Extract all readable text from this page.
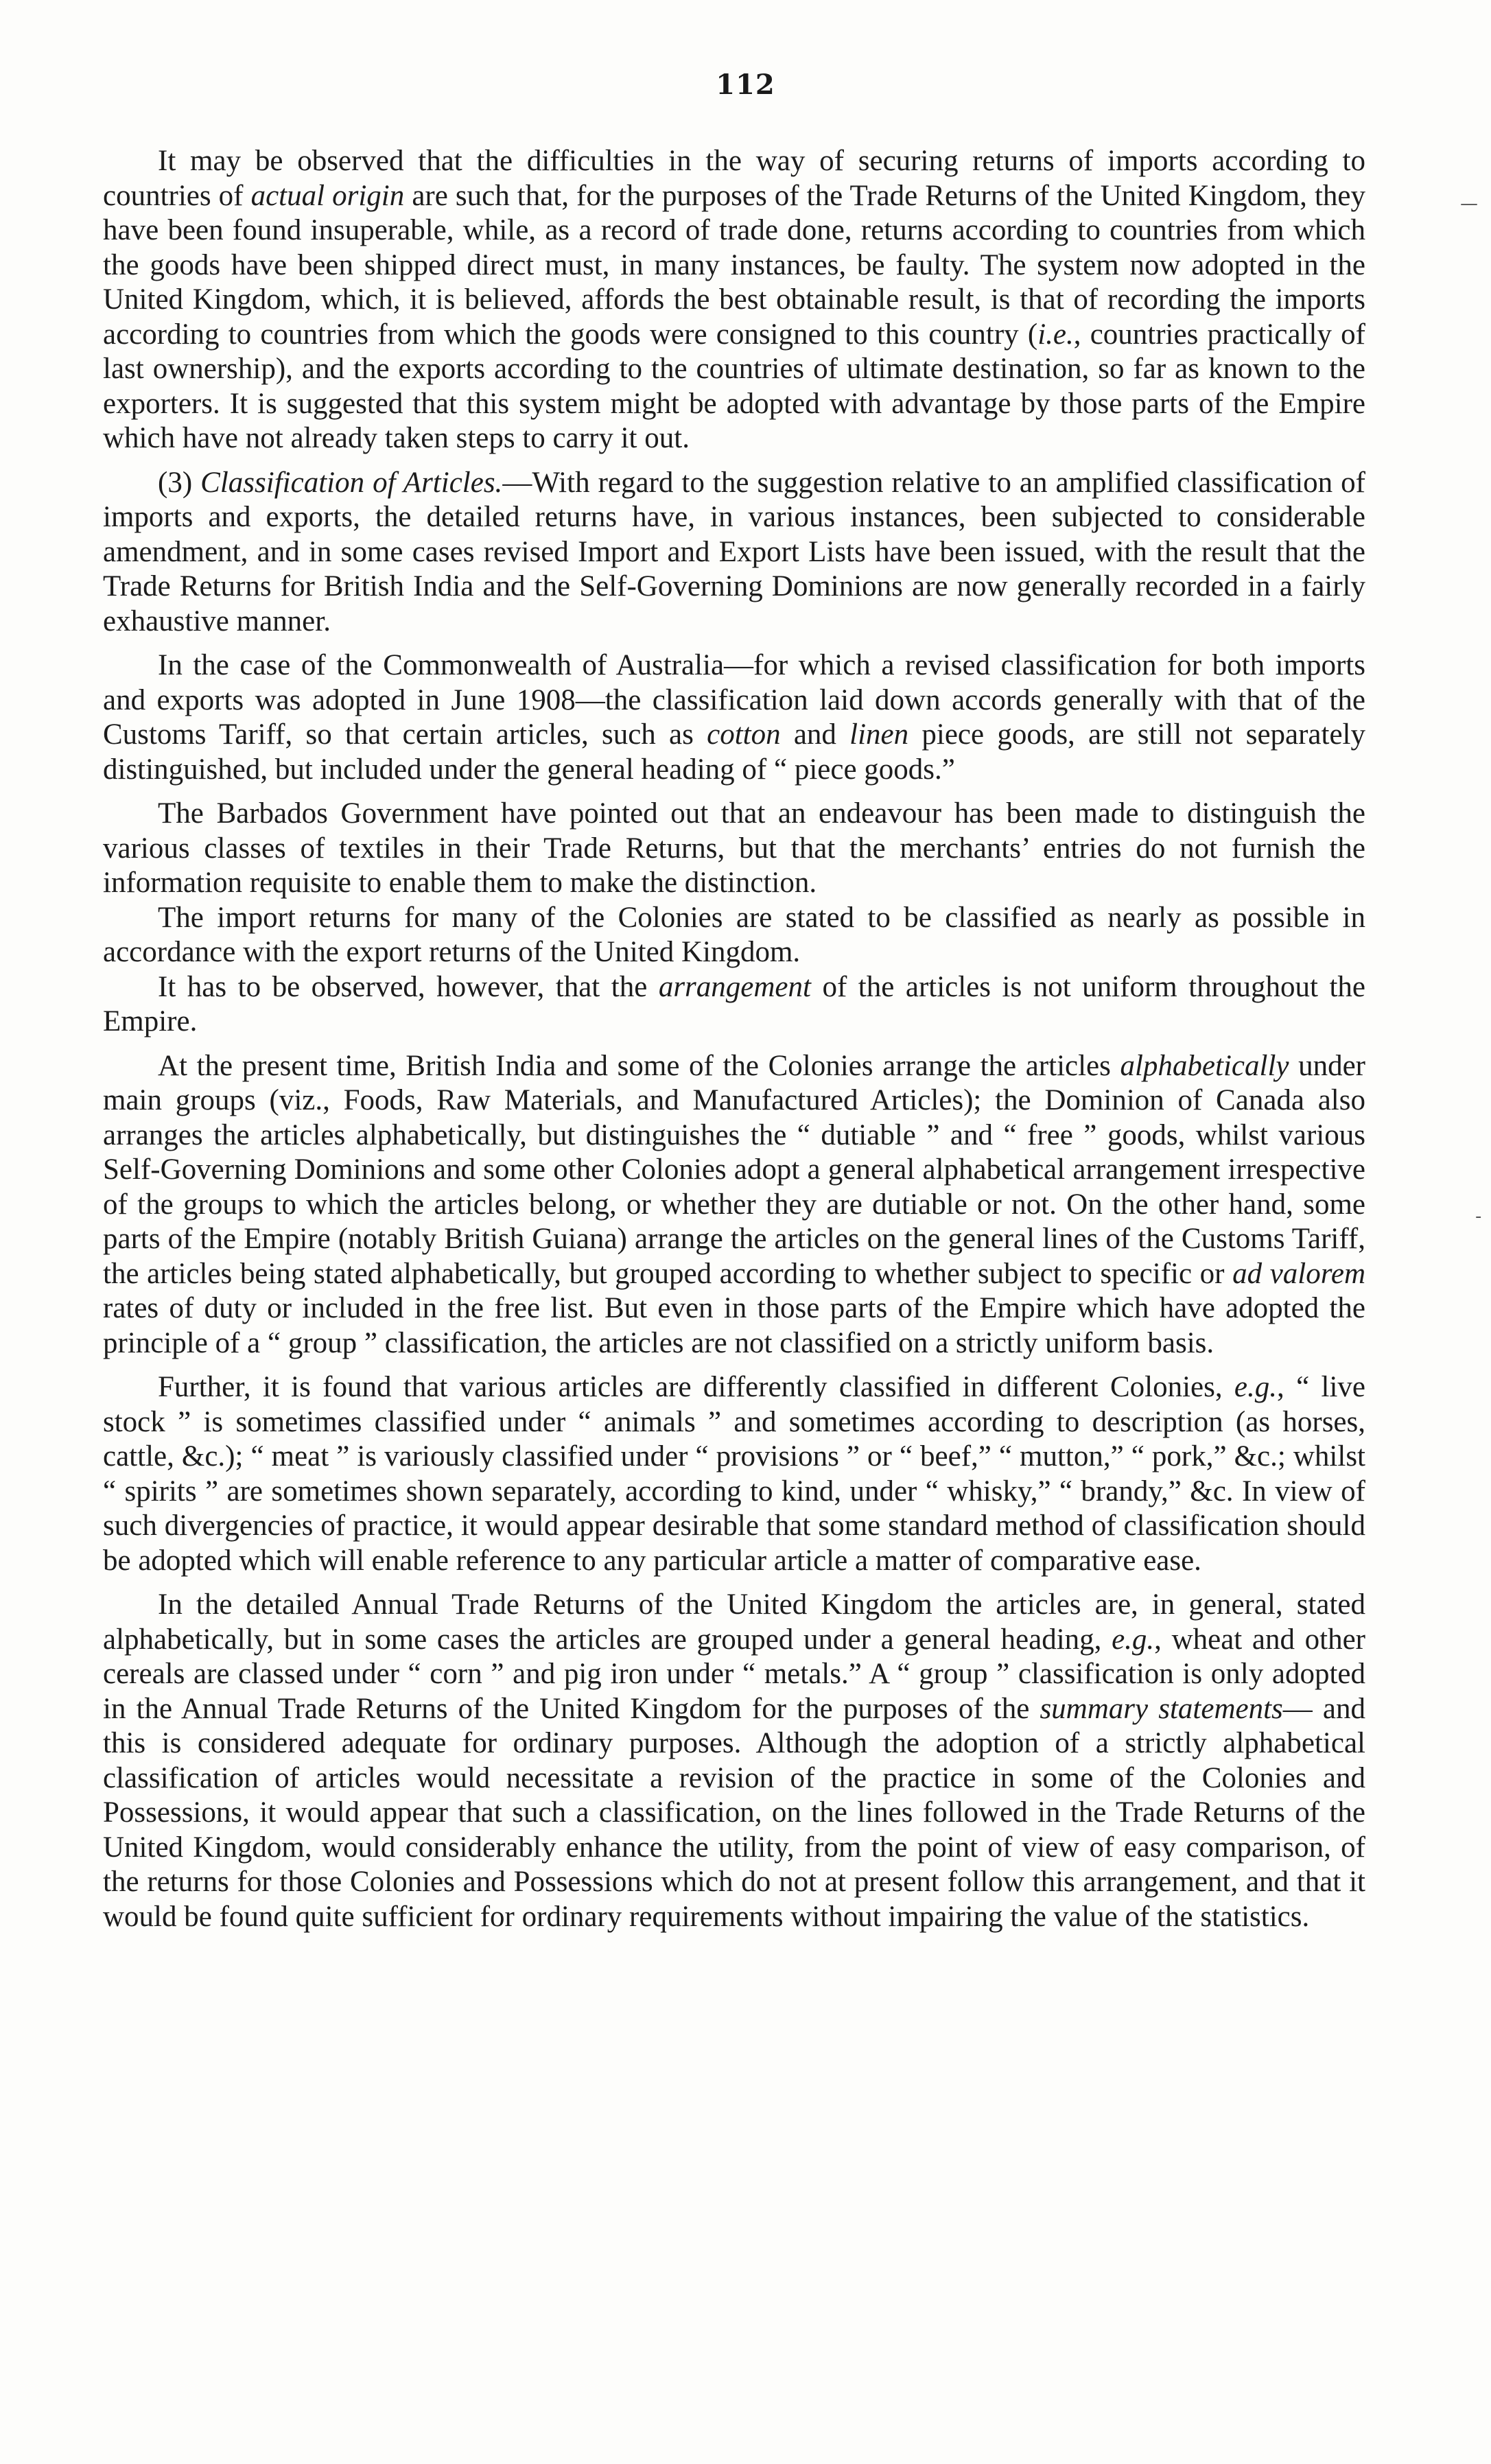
112
—
-

It may be observed that the difficulties in the way of securing returns of imports according to countries of actual origin are such that, for the purposes of the Trade Returns of the United Kingdom, they have been found insuperable, while, as a record of trade done, returns according to countries from which the goods have been shipped direct must, in many instances, be faulty. The system now adopted in the United Kingdom, which, it is believed, affords the best obtainable result, is that of recording the imports according to countries from which the goods were consigned to this country (i.e., countries practically of last ownership), and the exports according to the countries of ultimate destination, so far as known to the exporters. It is suggested that this system might be adopted with advantage by those parts of the Empire which have not already taken steps to carry it out.

(3) Classification of Articles.—With regard to the suggestion relative to an amplified classification of imports and exports, the detailed returns have, in various instances, been subjected to considerable amendment, and in some cases revised Import and Export Lists have been issued, with the result that the Trade Returns for British India and the Self-Governing Dominions are now generally recorded in a fairly exhaustive manner.

In the case of the Commonwealth of Australia—for which a revised classification for both imports and exports was adopted in June 1908—the classification laid down accords generally with that of the Customs Tariff, so that certain articles, such as cotton and linen piece goods, are still not separately distinguished, but included under the general heading of “ piece goods.”

The Barbados Government have pointed out that an endeavour has been made to distinguish the various classes of textiles in their Trade Returns, but that the merchants’ entries do not furnish the information requisite to enable them to make the distinction.

The import returns for many of the Colonies are stated to be classified as nearly as possible in accordance with the export returns of the United Kingdom.

It has to be observed, however, that the arrangement of the articles is not uniform throughout the Empire.

At the present time, British India and some of the Colonies arrange the articles alphabetically under main groups (viz., Foods, Raw Materials, and Manufactured Articles); the Dominion of Canada also arranges the articles alphabetically, but distinguishes the “ dutiable ” and “ free ” goods, whilst various Self-Governing Dominions and some other Colonies adopt a general alphabetical arrangement irrespective of the groups to which the articles belong, or whether they are dutiable or not. On the other hand, some parts of the Empire (notably British Guiana) arrange the articles on the general lines of the Customs Tariff, the articles being stated alphabetically, but grouped according to whether subject to specific or ad valorem rates of duty or included in the free list. But even in those parts of the Empire which have adopted the principle of a “ group ” classification, the articles are not classified on a strictly uniform basis.

Further, it is found that various articles are differently classified in different Colonies, e.g., “ live stock ” is sometimes classified under “ animals ” and sometimes according to description (as horses, cattle, &c.); “ meat ” is variously classified under “ provisions ” or “ beef,” “ mutton,” “ pork,” &c.; whilst “ spirits ” are sometimes shown separately, according to kind, under “ whisky,” “ brandy,” &c. In view of such divergencies of practice, it would appear desirable that some standard method of classification should be adopted which will enable reference to any particular article a matter of comparative ease.

In the detailed Annual Trade Returns of the United Kingdom the articles are, in general, stated alphabetically, but in some cases the articles are grouped under a general heading, e.g., wheat and other cereals are classed under “ corn ” and pig iron under “ metals.” A “ group ” classification is only adopted in the Annual Trade Returns of the United Kingdom for the purposes of the summary statements— and this is considered adequate for ordinary purposes. Although the adoption of a strictly alphabetical classification of articles would necessitate a revision of the practice in some of the Colonies and Possessions, it would appear that such a classification, on the lines followed in the Trade Returns of the United Kingdom, would considerably enhance the utility, from the point of view of easy comparison, of the returns for those Colonies and Possessions which do not at present follow this arrangement, and that it would be found quite sufficient for ordinary requirements without impairing the value of the statistics.
